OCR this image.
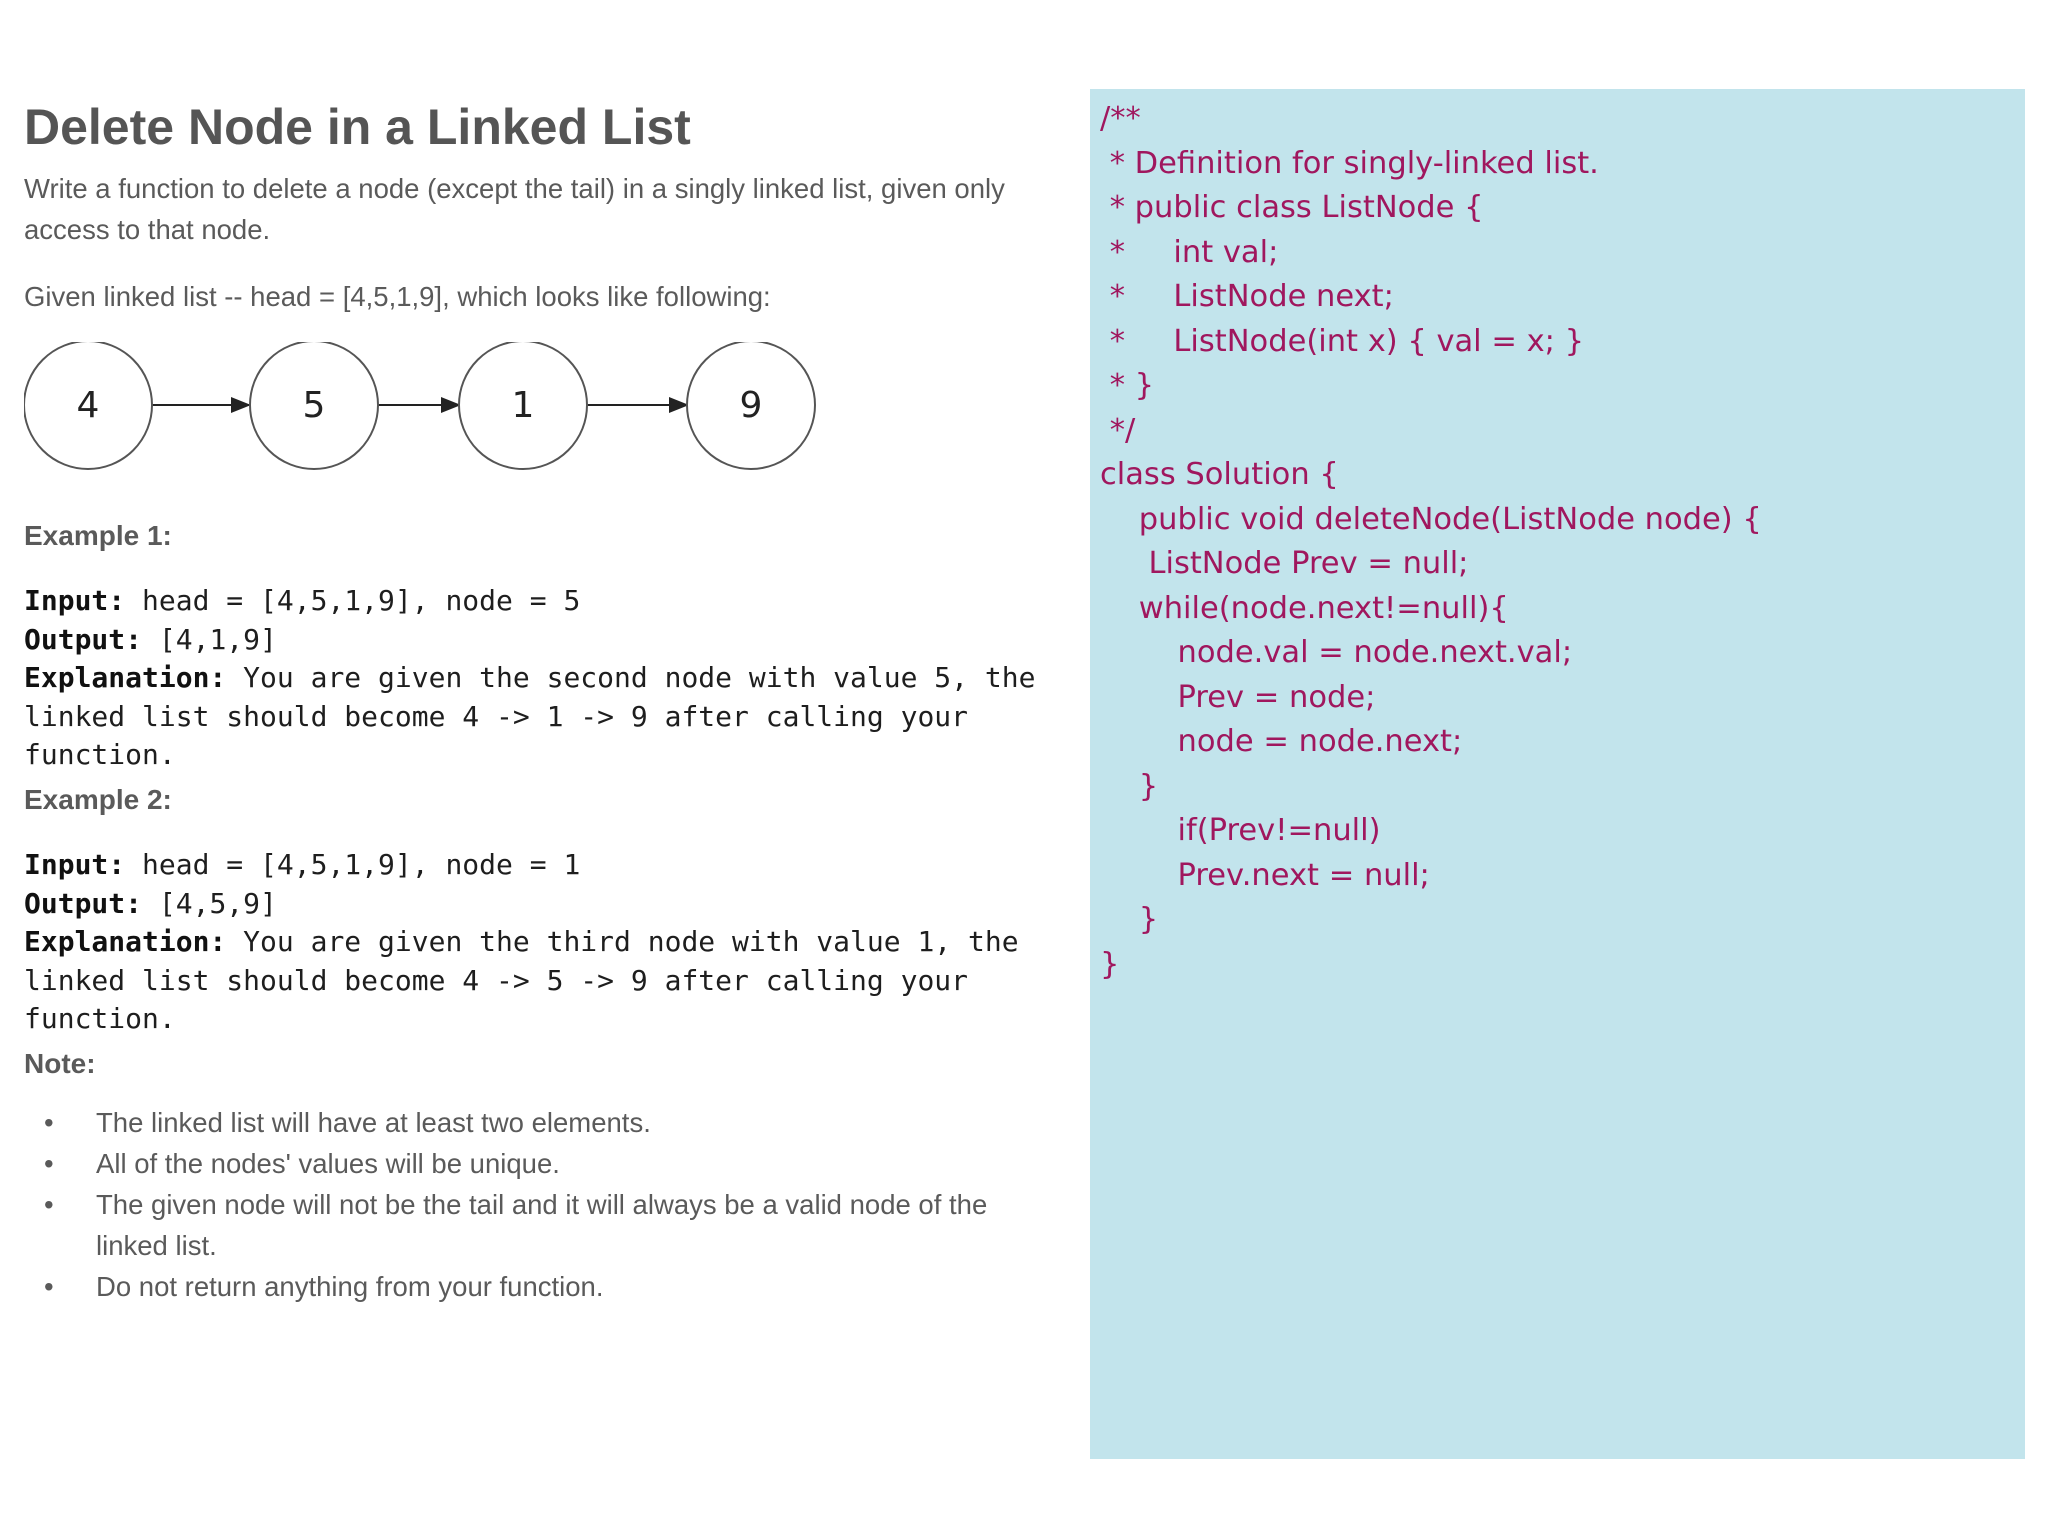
Delete Node in a Linked List

Write a function to delete a node (except the tail) in a singly linked list, given only access to that node.

Given linked list -- head = [4,5,1,9], which looks like following:

4	5	1	9

Example 1:

Input: head = [4,5,1,9], node = 5
Output: [4,1,9]
Explanation: You are given the second node with value 5, the
linked list should become 4 -> 1 -> 9 after calling your
function.

Example 2:

Input: head = [4,5,1,9], node = 1
Output: [4,5,9]
Explanation: You are given the third node with value 1, the
linked list should become 4 -> 5 -> 9 after calling your
function.

Note:

• The linked list will have at least two elements.
• All of the nodes' values will be unique.
• The given node will not be the tail and it will always be a valid node of the linked list.
• Do not return anything from your function.
/**
* Definition for singly-linked list.
* public class ListNode {
*     int val;
*     ListNode next;
*     ListNode(int x) { val = x; }
* }
*/
class Solution {
public void deleteNode(ListNode node) {
ListNode Prev = null;
while(node.next!=null){
node.val = node.next.val;
Prev = node;
node = node.next;
}
if(Prev!=null)
Prev.next = null;
}
}
